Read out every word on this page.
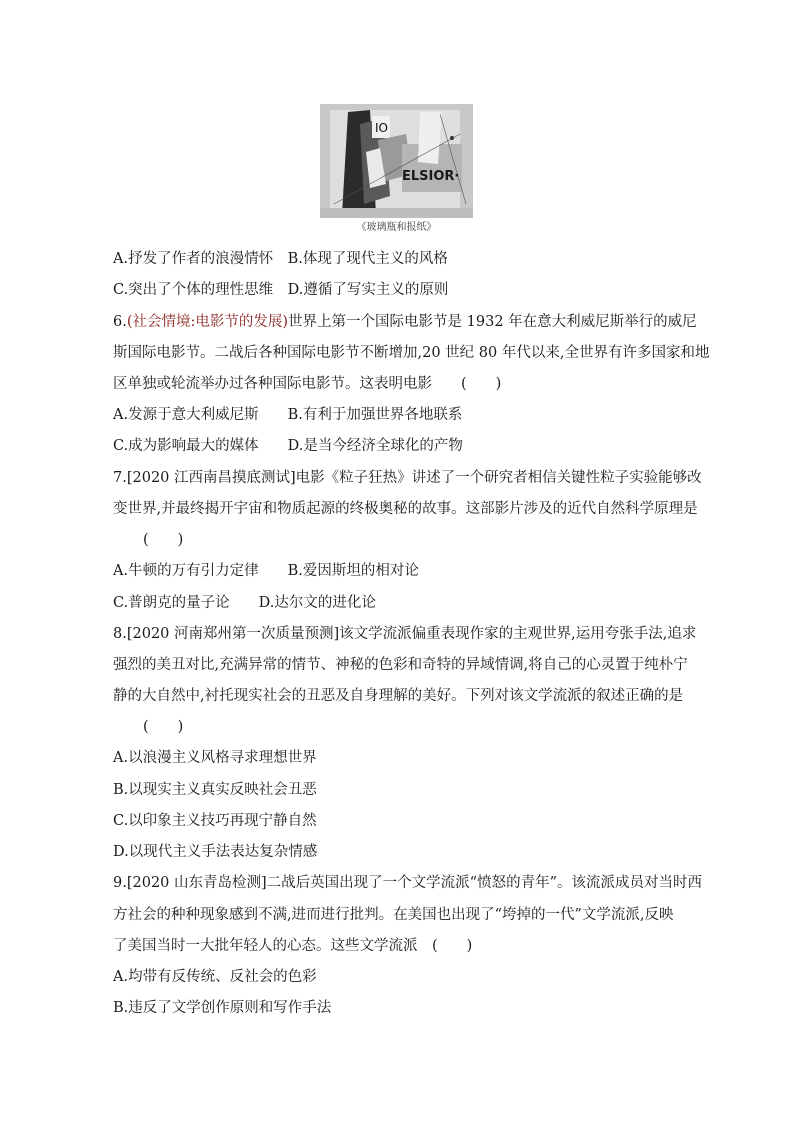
IO
ELSIOR·
《玻璃瓶和报纸》
A.抒发了作者的浪漫情怀　B.体现了现代主义的风格
C.突出了个体的理性思维　D.遵循了写实主义的原则
6.(社会情境:电影节的发展)世界上第一个国际电影节是 1932 年在意大利威尼斯举行的威尼
斯国际电影节。二战后各种国际电影节不断增加,20 世纪 80 年代以来,全世界有许多国家和地
区单独或轮流举办过各种国际电影节。这表明电影　　(　　)
A.发源于意大利威尼斯　　B.有利于加强世界各地联系
C.成为影响最大的媒体　　D.是当今经济全球化的产物
7.[2020 江西南昌摸底测试]电影《粒子狂热》讲述了一个研究者相信关键性粒子实验能够改
变世界,并最终揭开宇宙和物质起源的终极奥秘的故事。这部影片涉及的近代自然科学原理是
(　　)
A.牛顿的万有引力定律　　B.爱因斯坦的相对论
C.普朗克的量子论　　D.达尔文的进化论
8.[2020 河南郑州第一次质量预测]该文学流派偏重表现作家的主观世界,运用夸张手法,追求
强烈的美丑对比,充满异常的情节、神秘的色彩和奇特的异域情调,将自己的心灵置于纯朴宁
静的大自然中,衬托现实社会的丑恶及自身理解的美好。下列对该文学流派的叙述正确的是
(　　)
A.以浪漫主义风格寻求理想世界
B.以现实主义真实反映社会丑恶
C.以印象主义技巧再现宁静自然
D.以现代主义手法表达复杂情感
9.[2020 山东青岛检测]二战后英国出现了一个文学流派“愤怒的青年”。该流派成员对当时西
方社会的种种现象感到不满,进而进行批判。在美国也出现了“垮掉的一代”文学流派,反映
了美国当时一大批年轻人的心态。这些文学流派　(　　)
A.均带有反传统、反社会的色彩
B.违反了文学创作原则和写作手法
